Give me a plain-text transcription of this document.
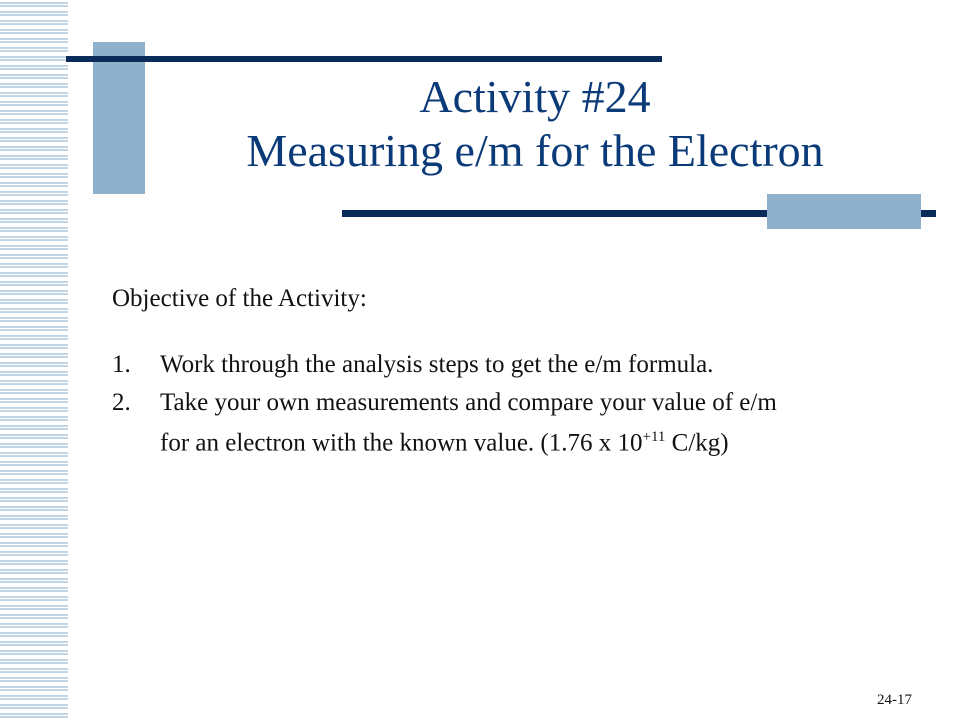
Activity #24
Measuring e/m for the Electron
Objective of the Activity:
1. Work through the analysis steps to get the e/m formula.
2. Take your own measurements and compare your value of e/m
for an electron with the known value. (1.76 x $10^{+11}$ C/kg)
24-17
